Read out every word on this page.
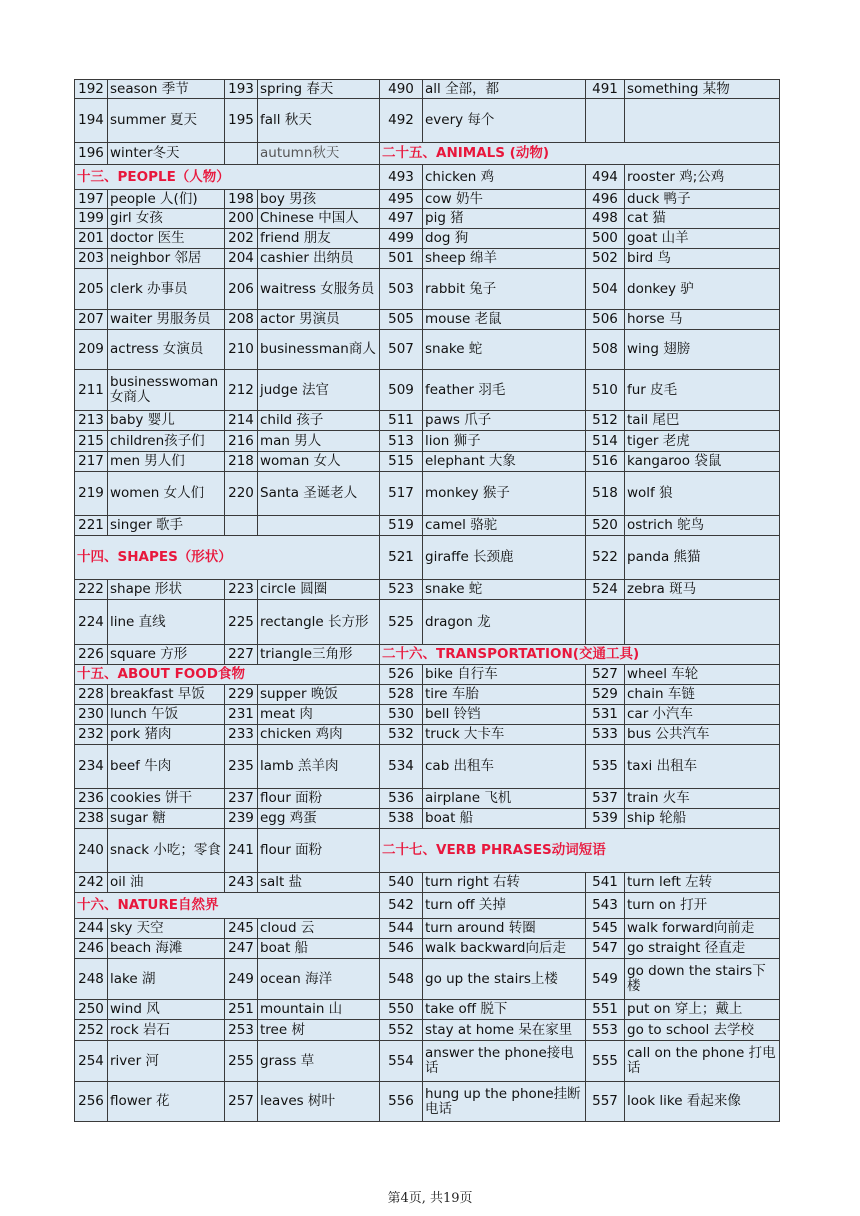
192	season 季节	193	spring 春天	490	all 全部，都	491	something 某物
194	summer 夏天	195	fall 秋天	492	every 每个		
196	winter冬天		autumn秋天	二十五、ANIMALS (动物)			
十三、PEOPLE（人物）				493	chicken 鸡	494	rooster 鸡;公鸡
197	people 人(们)	198	boy 男孩	495	cow 奶牛	496	duck 鸭子
199	girl 女孩	200	Chinese 中国人	497	pig 猪	498	cat 猫
201	doctor 医生	202	friend 朋友	499	dog 狗	500	goat 山羊
203	neighbor 邻居	204	cashier 出纳员	501	sheep 绵羊	502	bird 鸟
205	clerk 办事员	206	waitress 女服务员	503	rabbit 兔子	504	donkey 驴
207	waiter 男服务员	208	actor 男演员	505	mouse 老鼠	506	horse 马
209	actress 女演员	210	businessman商人	507	snake 蛇	508	wing 翅膀
211	businesswoman 女商人	212	judge 法官	509	feather 羽毛	510	fur 皮毛
213	baby 婴儿	214	child 孩子	511	paws 爪子	512	tail 尾巴
215	children孩子们	216	man 男人	513	lion 狮子	514	tiger 老虎
217	men 男人们	218	woman 女人	515	elephant 大象	516	kangaroo 袋鼠
219	women 女人们	220	Santa 圣诞老人	517	monkey 猴子	518	wolf 狼
221	singer 歌手			519	camel 骆驼	520	ostrich 鸵鸟
十四、SHAPES（形状）				521	giraffe 长颈鹿	522	panda 熊猫
222	shape 形状	223	circle 圆圈	523	snake 蛇	524	zebra 斑马
224	line 直线	225	rectangle 长方形	525	dragon 龙		
226	square 方形	227	triangle三角形	二十六、TRANSPORTATION(交通工具)			
十五、ABOUT FOOD食物				526	bike 自行车	527	wheel 车轮
228	breakfast 早饭	229	supper 晚饭	528	tire 车胎	529	chain 车链
230	lunch 午饭	231	meat 肉	530	bell 铃铛	531	car 小汽车
232	pork 猪肉	233	chicken 鸡肉	532	truck 大卡车	533	bus 公共汽车
234	beef 牛肉	235	lamb 羔羊肉	534	cab 出租车	535	taxi 出租车
236	cookies 饼干	237	flour 面粉	536	airplane 飞机	537	train 火车
238	sugar 糖	239	egg 鸡蛋	538	boat 船	539	ship 轮船
240	snack 小吃；零食	241	flour 面粉	二十七、VERB PHRASES动词短语			
242	oil 油	243	salt 盐	540	turn right 右转	541	turn left 左转
十六、NATURE自然界				542	turn off 关掉	543	turn on 打开
244	sky 天空	245	cloud 云	544	turn around 转圈	545	walk forward向前走
246	beach 海滩	247	boat 船	546	walk backward向后走	547	go straight 径直走
248	lake 湖	249	ocean 海洋	548	go up the stairs上楼	549	go down the stairs下楼
250	wind 风	251	mountain 山	550	take off 脱下	551	put on 穿上；戴上
252	rock 岩石	253	tree 树	552	stay at home 呆在家里	553	go to school 去学校
254	river 河	255	grass 草	554	answer the phone接电话	555	call on the phone 打电话
256	flower 花	257	leaves 树叶	556	hung up the phone挂断电话	557	look like 看起来像
第4页, 共19页
